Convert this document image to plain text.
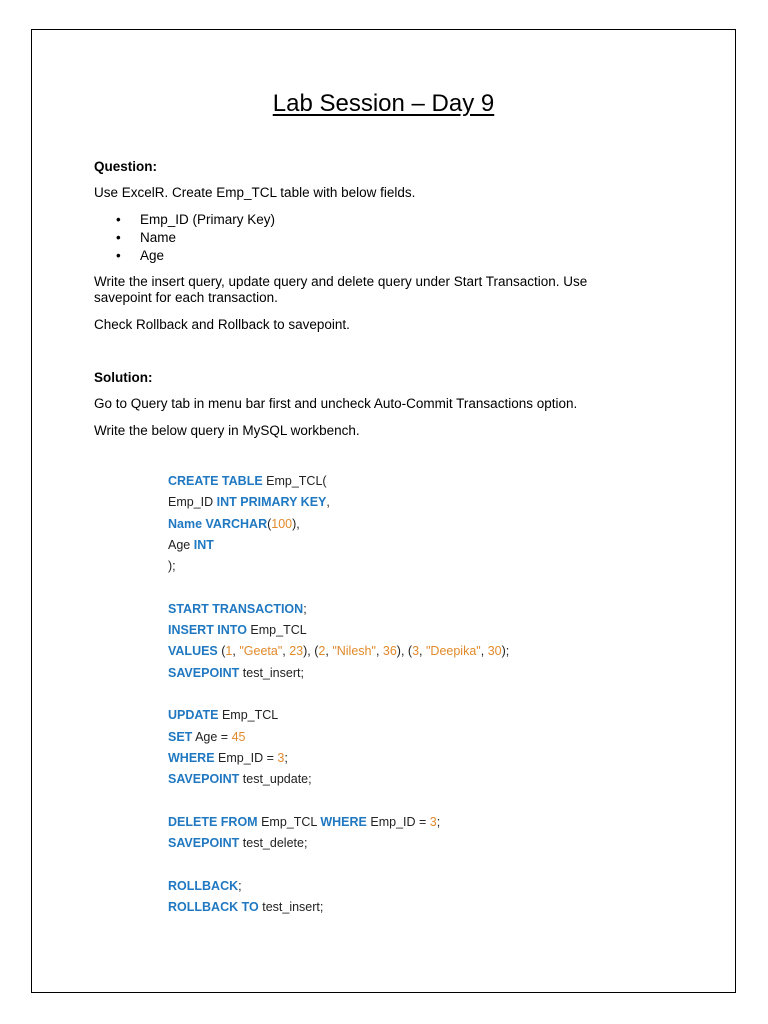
Lab Session – Day 9
Question:
Use ExcelR. Create Emp_TCL table with below fields.
• Emp_ID (Primary Key)
• Name
• Age
Write the insert query, update query and delete query under Start Transaction. Use
savepoint for each transaction.
Check Rollback and Rollback to savepoint.
Solution:
Go to Query tab in menu bar first and uncheck Auto-Commit Transactions option.
Write the below query in MySQL workbench.
CREATE TABLE Emp_TCL(
Emp_ID INT PRIMARY KEY,
Name VARCHAR(100),
Age INT
);
START TRANSACTION;
INSERT INTO Emp_TCL
VALUES (1, "Geeta", 23), (2, "Nilesh", 36), (3, "Deepika", 30);
SAVEPOINT test_insert;
UPDATE Emp_TCL
SET Age = 45
WHERE Emp_ID = 3;
SAVEPOINT test_update;
DELETE FROM Emp_TCL WHERE Emp_ID = 3;
SAVEPOINT test_delete;
ROLLBACK;
ROLLBACK TO test_insert;
